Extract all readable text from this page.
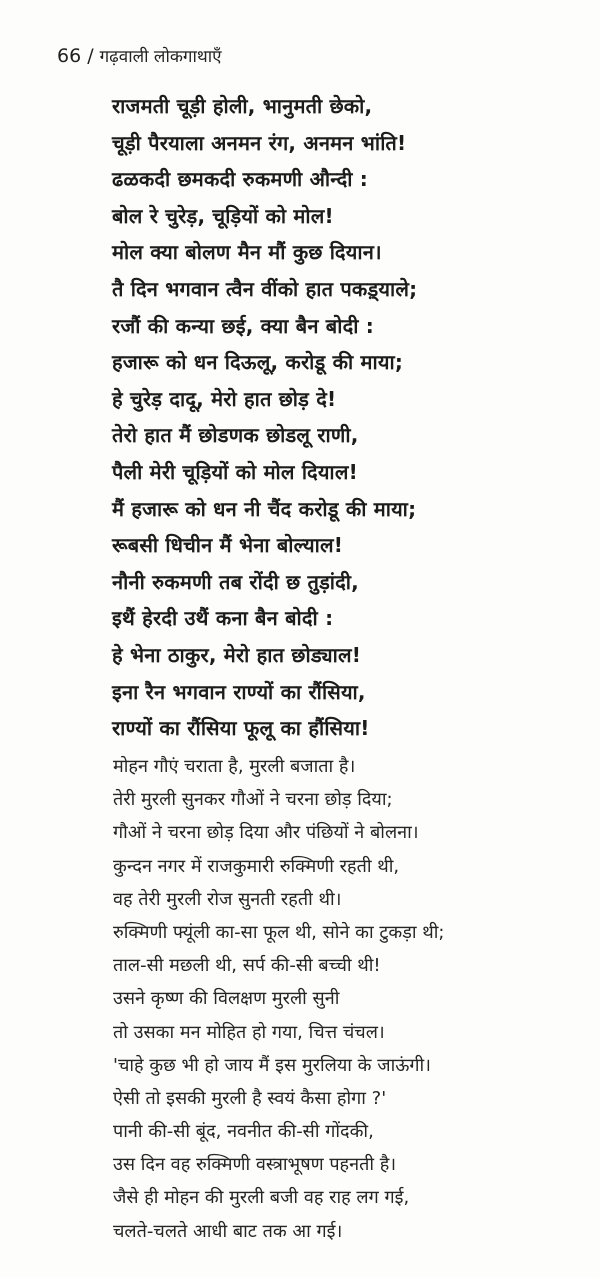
66 / गढ़वाली लोकगाथाएँ
राजमती चूड़ी होली, भानुमती छेको,
चूड़ी पैरयाला अनमन रंग, अनमन भांति!
ढळकदी छमकदी रुकमणी औन्दी :
बोल रे चुरेड़, चूड़ियों को मोल!
मोल क्या बोलण मैन मौं कुछ दियान।
तै दिन भगवान त्वैन वींको हात पकड़्याले;
रजौं की कन्या छई, क्या बैन बोदी :
हजारू को धन दिऊलू, करोडू की माया;
हे चुरेड़ दादू, मेरो हात छोड़ दे!
तेरो हात मैं छोडणक छोडलू राणी,
पैली मेरी चूड़ियों को मोल दियाल!
मैं हजारू को धन नी चैंद करोडू की माया;
रूबसी धिचीन मैं भेना बोल्याल!
नौनी रुकमणी तब रोंदी छ तुड़ांदी,
इथैं हेरदी उथैं कना बैन बोदी :
हे भेना ठाकुर, मेरो हात छोड्याल!
इना रैन भगवान राण्यों का रौंसिया,
राण्यों का रौंसिया फूलू का हौंसिया!
मोहन गौएं चराता है, मुरली बजाता है।
तेरी मुरली सुनकर गौओं ने चरना छोड़ दिया;
गौओं ने चरना छोड़ दिया और पंछियों ने बोलना।
कुन्दन नगर में राजकुमारी रुक्मिणी रहती थी,
वह तेरी मुरली रोज सुनती रहती थी।
रुक्मिणी फ्यूंली का-सा फूल थी, सोने का टुकड़ा थी;
ताल-सी मछली थी, सर्प की-सी बच्ची थी!
उसने कृष्ण की विलक्षण मुरली सुनी
तो उसका मन मोहित हो गया, चित्त चंचल।
'चाहे कुछ भी हो जाय मैं इस मुरलिया के जाऊंगी।
ऐसी तो इसकी मुरली है स्वयं कैसा होगा ?'
पानी की-सी बूंद, नवनीत की-सी गोंदकी,
उस दिन वह रुक्मिणी वस्त्राभूषण पहनती है।
जैसे ही मोहन की मुरली बजी वह राह लग गई,
चलते-चलते आधी बाट तक आ गई।
